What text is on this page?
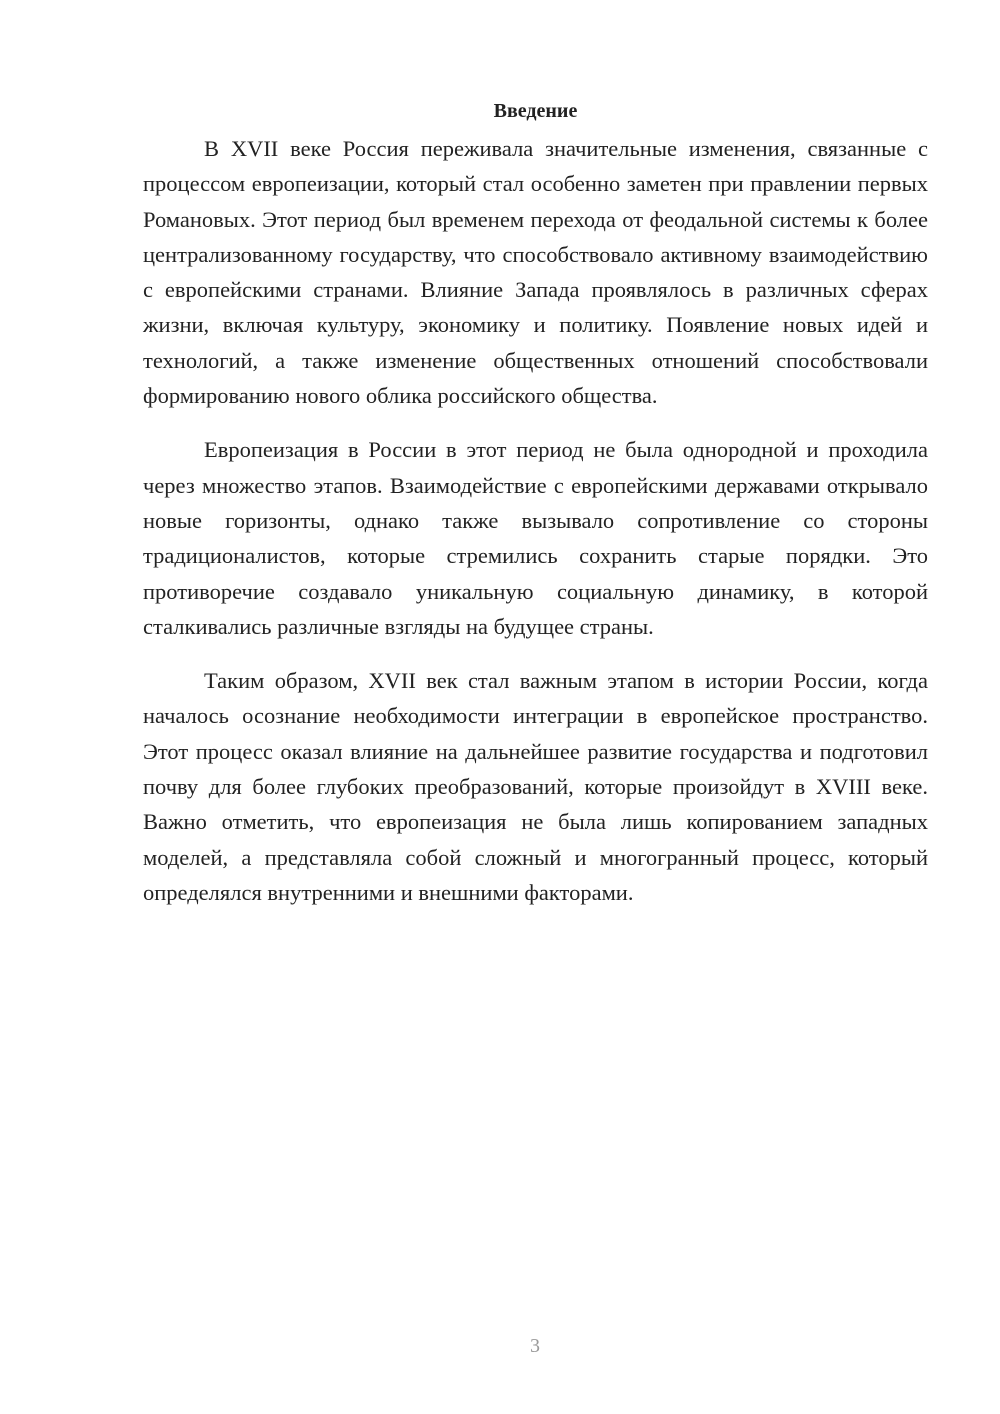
Введение

В XVII веке Россия переживала значительные изменения, связанные с процессом европеизации, который стал особенно заметен при правлении первых Романовых. Этот период был временем перехода от феодальной системы к более централизованному государству, что способствовало активному взаимодействию с европейскими странами. Влияние Запада проявлялось в различных сферах жизни, включая культуру, экономику и политику. Появление новых идей и технологий, а также изменение общественных отношений способствовали формированию нового облика российского общества.

Европеизация в России в этот период не была однородной и проходила через множество этапов. Взаимодействие с европейскими державами открывало новые горизонты, однако также вызывало сопротивление со стороны традиционалистов, которые стремились сохранить старые порядки. Это противоречие создавало уникальную социальную динамику, в которой сталкивались различные взгляды на будущее страны.

Таким образом, XVII век стал важным этапом в истории России, когда началось осознание необходимости интеграции в европейское пространство. Этот процесс оказал влияние на дальнейшее развитие государства и подготовил почву для более глубоких преобразований, которые произойдут в XVIII веке. Важно отметить, что европеизация не была лишь копированием западных моделей, а представляла собой сложный и многогранный процесс, который определялся внутренними и внешними факторами.

3
